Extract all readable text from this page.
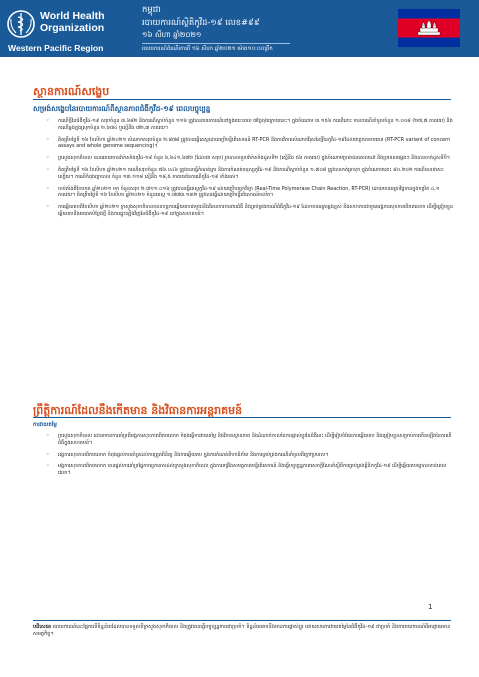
World Health
Organization
Western Pacific Region
កម្ពុជា
របាយការណ៍ស្ថិតិកូវីដ-១៩ លេខ#៩៩
១៦ សីហា ឆ្នាំ២០២១
របាយការណ៍ដំណើរការពី ១៦ សីហា ឆ្នាំ២០២១ ម៉ោង១០:០០ព្រឹក
ស្ថានការណ៍សង្ខេប
សម្រង់សង្ខេបនៃរបាយការណ៍ពីស្ថានភាពជំងឺកូវីដ-១៩ ពេលបច្ចុប្បន្ន
◦ ករណីថ្មីនៃជំងឺកូវីដ-១៩ សរុបចំនួន ៣.៦៨២ និងករណីស្លាប់ចំនួន ១១៦ ត្រូវបានរាយការណ៍នៅក្នុងរយៈពេល ៧ថ្ងៃចុងក្រោយនេះ។ ក្នុងចំណោម ៣.១៥៦ ករណីនោះ មានករណីនាំចូលចំនួន ១.០០៨ (២៧,៧ ភាគរយ) និងករណីឆ្លងក្នុងស្រុកចំនួន ២.៦៧៤ ឬស្មើនឹង ៧២,៣ ភាគរយ។
◦ គិតត្រឹមថ្ងៃទី ១៦ ខែសីហា ឆ្នាំ២០២១ សំណាកសរុបចំនួន ២.៨៧៨ ត្រូវបានធ្វើតេស្តដោយប្រើមន្ទីរពិសោធន៍ RT-PCR និងការវិភាគសំណាកវីរុសនៃថ្មីនៃកូវីដ-១៩ដែលជាប្រភេទមេរោគ (RT-PCR variant of concern assays and whole genome sequencing)។
◦ ក្រសួងសុខាភិបាល បានអោយមានវ៉ាក់សាំងកូវីដ-១៩ ចំនួន ៦,៦៤១,៦៧២ (ដែលជា សរុប) រួចបានទទួលវ៉ាក់សាំងដូសទី២ (ស្មើនឹង ៥៦ ភាគរយ) ក្នុងចំណោមប្រជាជនគោលដៅ និងប្រទេសផ្សេងៗ និងបានចាក់ដូសទីបី។
◦ គិតត្រឹមថ្ងៃទី ១៦ ខែសីហា ឆ្នាំ២០២១ ករណីសរុបចំនួន ៧៦.០៤៦ ត្រូវបានធ្វើកំណត់ត្រា និងការកំណត់មនុស្សកូវីដ-១៩ និងករណីស្លាប់ចំនួន ១.៧០៨ ត្រូវបានកត់ត្រាទុក ក្នុងចំណោមនោះ ៨០.២០២ ករណីបានជាសះស្បើយ។ ករណីកំពុងព្យាបាល ចំនួន ១៣.១១៨ ស្មើនឹង ១៨,៥ ភាគរយនៃករណីកូវីដ-១៩ ទាំងអស់។
◦ ចាប់តាំងពីខែមករា ឆ្នាំ២០២១ មក ចំនួនសរុប ២.៧១១.០១៦ ត្រូវបានធ្វើតេស្តកូវីដ-១៩ ដោយប្រើបច្ចេកវិទ្យា (Real-Time Polymerase Chain Reaction, RT-PCR) ដោយមានអត្រាវិជ្ជមានក្នុងកម្រិត ៤,១ ភាគរយ។ គិតត្រឹមថ្ងៃទី ១៦ ខែសីហា ឆ្នាំ២០២១ ចំនួនតេស្ត ១.៧៧៣.១៣២ ត្រូវបានធ្វើដោយប្រើមន្ទីរពិសោធន៍ចល័ត។
◦ ការឆ្លើយតបពីខែសីហា ឆ្នាំ២០២១ ក្រសួងសុខាភិបាលបានបន្តការឆ្លើយតបជាមួយនឹងវិធានការការពារជំងឺ និងគ្រប់គ្រងករណីជំងឺកូវីដ-១៩ ដែលមានអត្រាឆ្លងខ្ពស់ និងសហការជាមួយអង្គការសុខភាពពិភពលោក ដើម្បីត្រៀមខ្លួនឆ្លើយតបនឹងមេរោគបំប្លែងថ្មី និងការផ្ទុះឡើងវិញនៃជំងឺកូវីដ-១៩ នៅក្នុងសហគមន៍។
ព្រឹត្តិការណ៍ដែលនឹងកើតមាន និងវិធានការអន្តរាគមន៍
ការវាយតម្លៃ
◦ ក្រសួងសុខាភិបាល ដោយមានការគាំទ្រពីអង្គការសុខភាពពិភពលោក កំពុងធ្វើការវាយតម្លៃ និងវិភាគស្ថានភាព និងដំណាក់កាលនៃការផ្លាស់ប្តូរនៃជំងឺនេះ ដើម្បីរៀបចំផែនការឆ្លើយតប និងត្រៀមខ្លួនសម្រាប់ការកើនឡើងនៃករណីជំងឺក្នុងសហគមន៍។
◦ អង្គការសុខភាពពិភពលោក កំពុងផ្តល់ការគាំទ្រដល់ការត្រួតពិនិត្យ និងការឆ្លើយតប ក្នុងការកំណត់ពីហានិភ័យ និងការគ្រប់គ្រងករណីនាំចូលពីក្រៅប្រទេស។
◦ អង្គការសុខភាពពិភពលោក បានផ្តល់ការគាំទ្រផ្នែកបច្ចេកទេសដល់ក្រសួងសុខាភិបាល ក្នុងការពង្រឹងសមត្ថភាពមន្ទីរពិសោធន៍ និងធ្វើបច្ចុប្បន្នភាពសេចក្តីណែនាំស្តីពីការគ្រប់គ្រងគ្លីនិកកូវីដ-១៩ ដើម្បីឆ្លើយតបឲ្យបានទាន់ពេលវេលា។
1
បដិសេធ៖ របាយការណ៍នេះផ្អែកលើទិន្នន័យដែលបានទទួលពីក្រសួងសុខាភិបាល និងត្រូវបានធ្វើបច្ចុប្បន្នភាពជាប្រចាំ។ ទិន្នន័យអាចនឹងមានការផ្លាស់ប្តូរ ដោយសារការវាយតម្លៃនៃជំងឺកូវីដ-១៩ ជាប្រចាំ និងការរាយការណ៍ពីអាជ្ញាធរមានសមត្ថកិច្ច។
